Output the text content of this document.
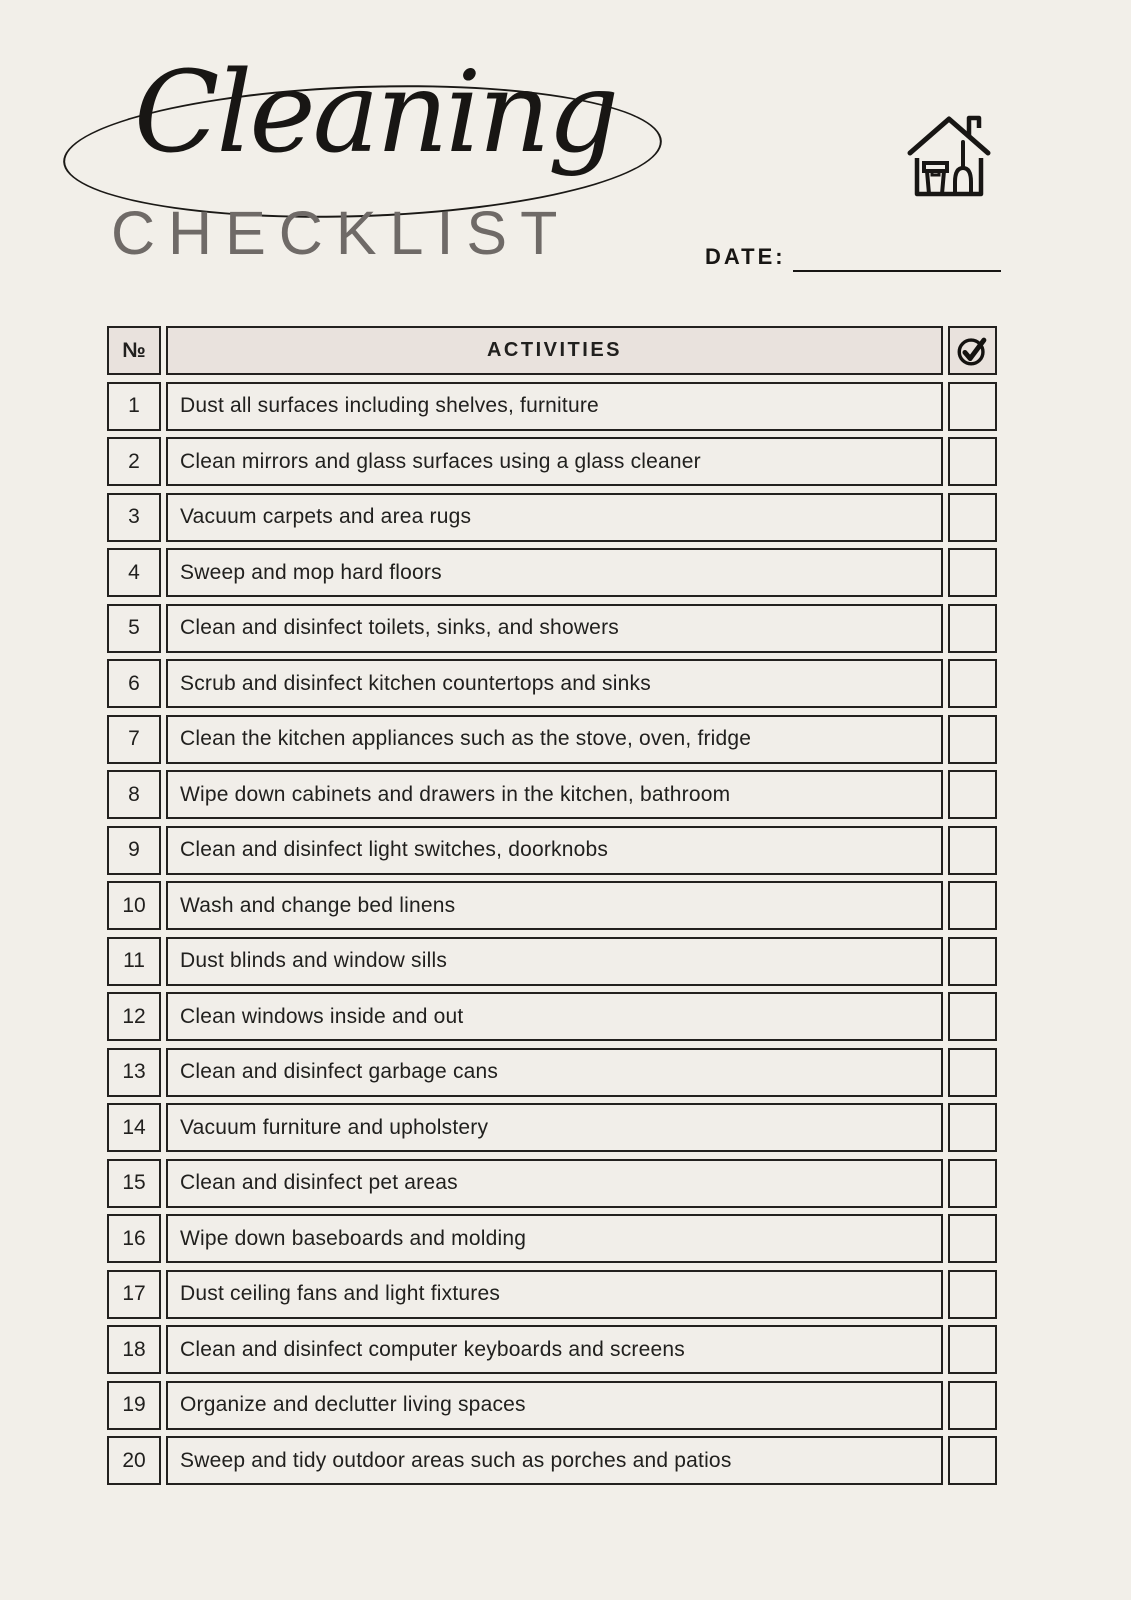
Cleaning
CHECKLIST	DATE:
№	ACTIVITIES
1	Dust all surfaces including shelves, furniture
2	Clean mirrors and glass surfaces using a glass cleaner
3	Vacuum carpets and area rugs
4	Sweep and mop hard floors
5	Clean and disinfect toilets, sinks, and showers
6	Scrub and disinfect kitchen countertops and sinks
7	Clean the kitchen appliances such as the stove, oven, fridge
8	Wipe down cabinets and drawers in the kitchen, bathroom
9	Clean and disinfect light switches, doorknobs
10	Wash and change bed linens
11	Dust blinds and window sills
12	Clean windows inside and out
13	Clean and disinfect garbage cans
14	Vacuum furniture and upholstery
15	Clean and disinfect pet areas
16	Wipe down baseboards and molding
17	Dust ceiling fans and light fixtures
18	Clean and disinfect computer keyboards and screens
19	Organize and declutter living spaces
20	Sweep and tidy outdoor areas such as porches and patios
